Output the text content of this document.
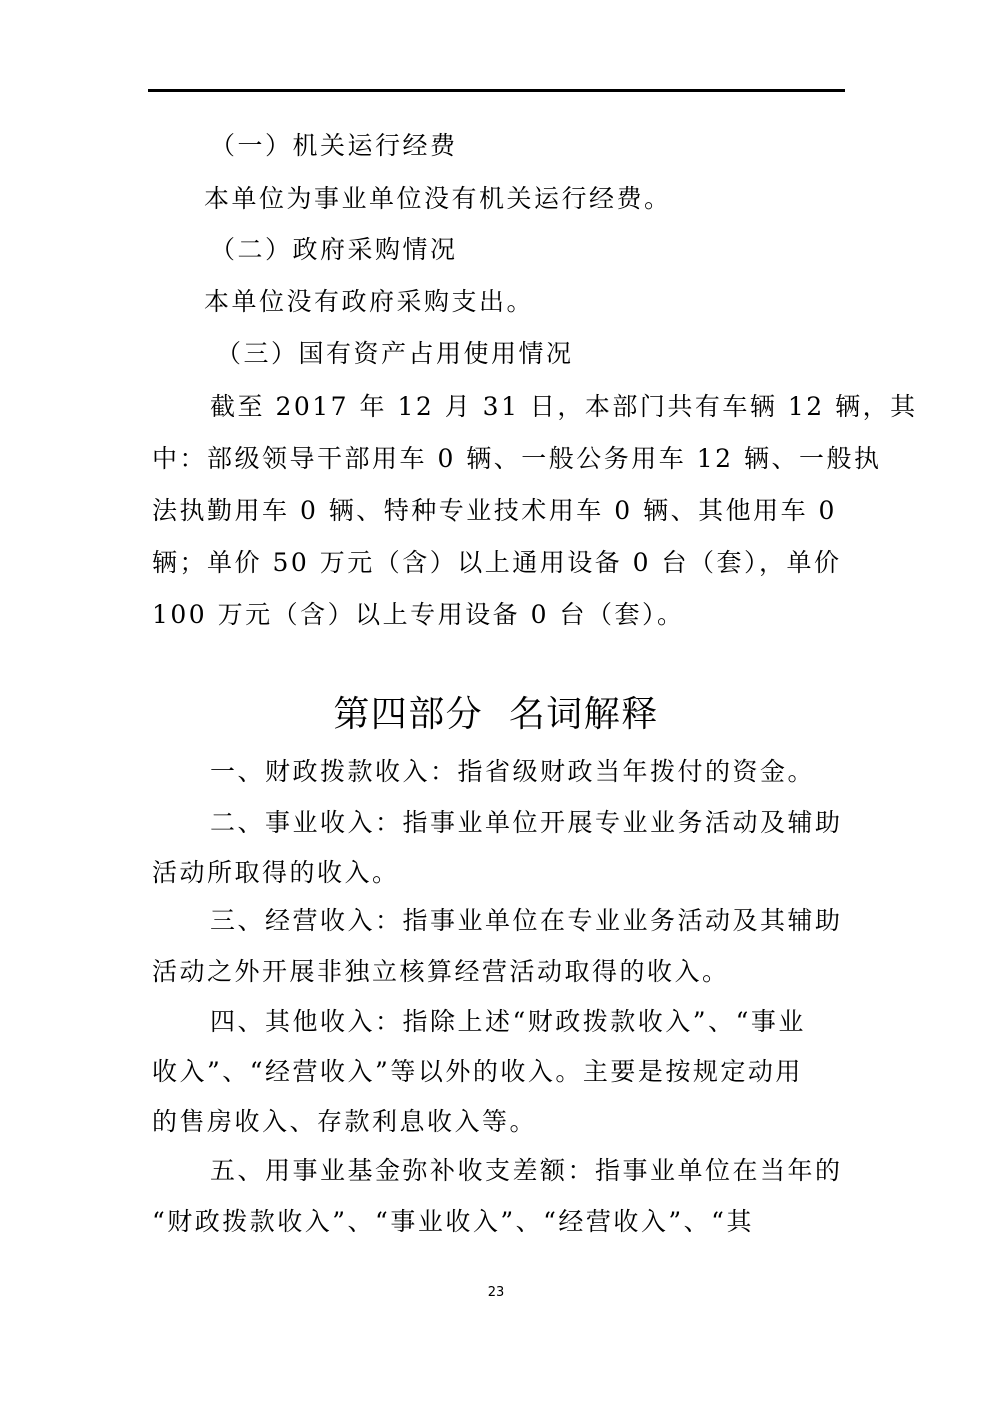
（一）机关运行经费
本单位为事业单位没有机关运行经费。
（二）政府采购情况
本单位没有政府采购支出。
（三）国有资产占用使用情况
截至 2017 年 12 月 31 日，本部门共有车辆 12 辆，其
中：部级领导干部用车 0 辆、一般公务用车 12 辆、一般执
法执勤用车 0 辆、特种专业技术用车 0 辆、其他用车 0
辆；单价 50 万元（含）以上通用设备 0 台（套），单价
100 万元（含）以上专用设备 0 台（套）。
第四部分  名词解释
一、财政拨款收入：指省级财政当年拨付的资金。
二、事业收入：指事业单位开展专业业务活动及辅助
活动所取得的收入。
三、经营收入：指事业单位在专业业务活动及其辅助
活动之外开展非独立核算经营活动取得的收入。
四、其他收入：指除上述“财政拨款收入”、“事业
收入”、“经营收入”等以外的收入。主要是按规定动用
的售房收入、存款利息收入等。
五、用事业基金弥补收支差额：指事业单位在当年的
“财政拨款收入”、“事业收入”、“经营收入”、“其
23
